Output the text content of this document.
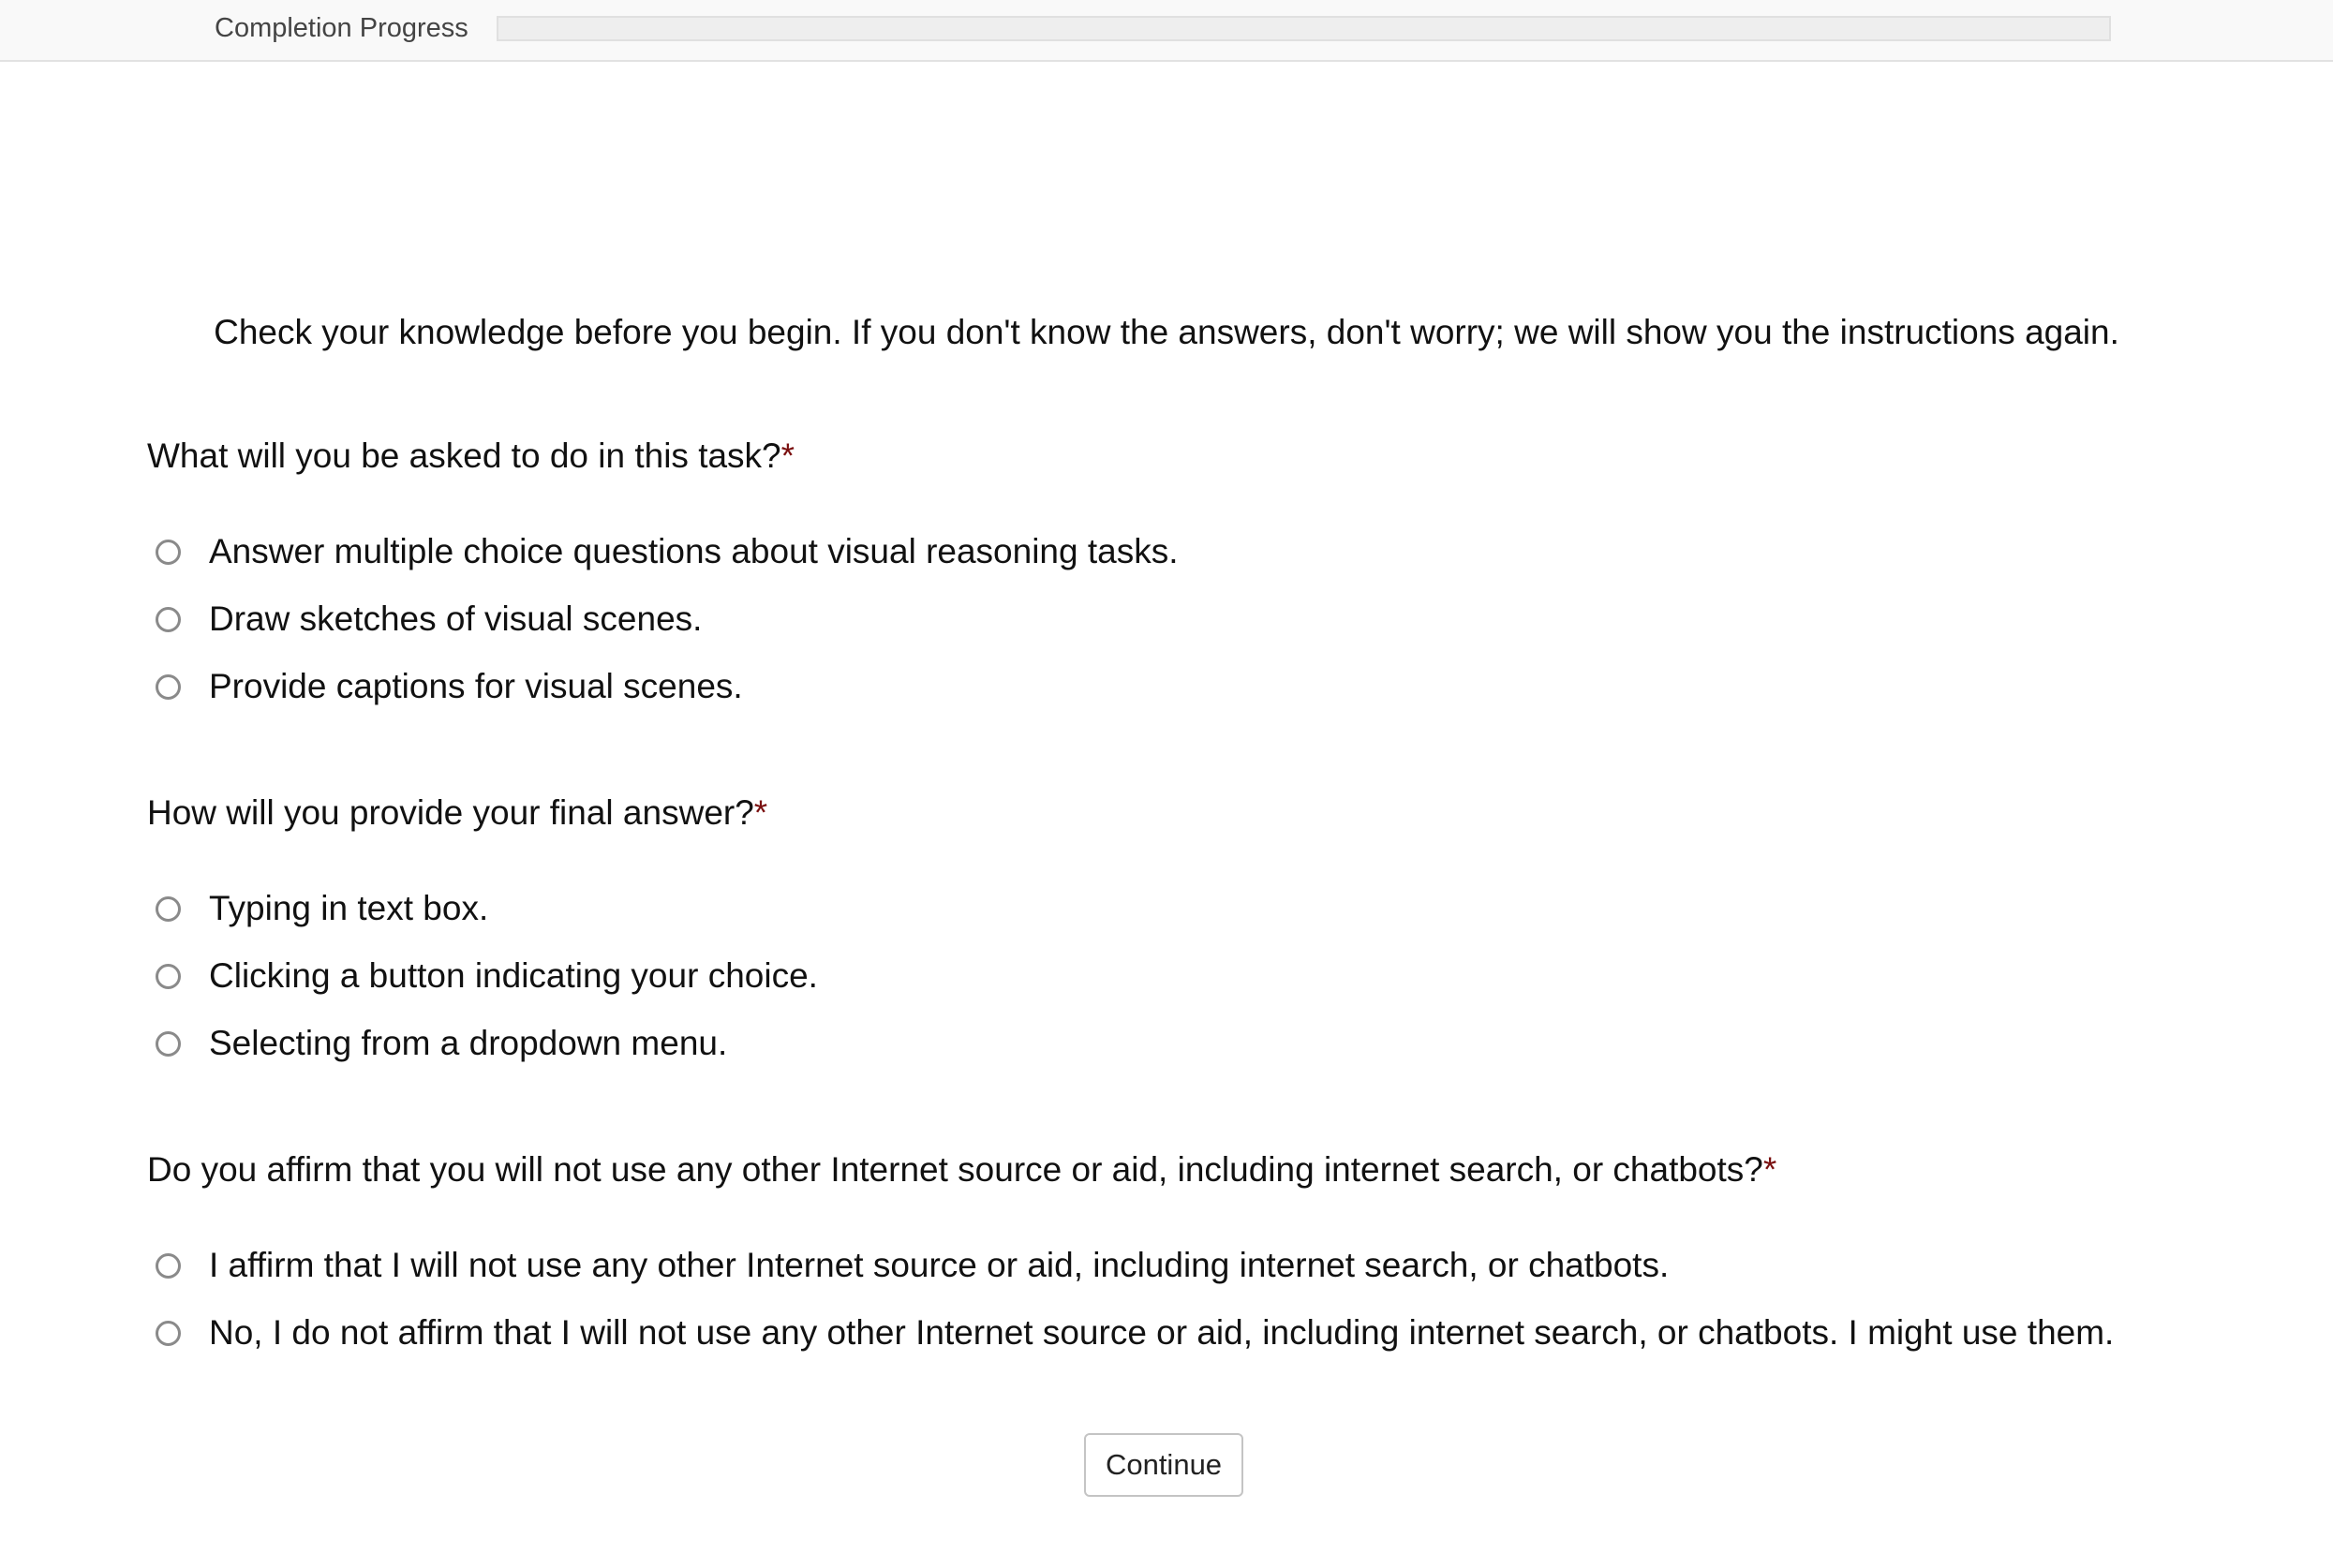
Completion Progress
Check your knowledge before you begin. If you don't know the answers, don't worry; we will show you the instructions again.
What will you be asked to do in this task?*
Answer multiple choice questions about visual reasoning tasks.
Draw sketches of visual scenes.
Provide captions for visual scenes.
How will you provide your final answer?*
Typing in text box.
Clicking a button indicating your choice.
Selecting from a dropdown menu.
Do you affirm that you will not use any other Internet source or aid, including internet search, or chatbots?*
I affirm that I will not use any other Internet source or aid, including internet search, or chatbots.
No, I do not affirm that I will not use any other Internet source or aid, including internet search, or chatbots. I might use them.
Continue
